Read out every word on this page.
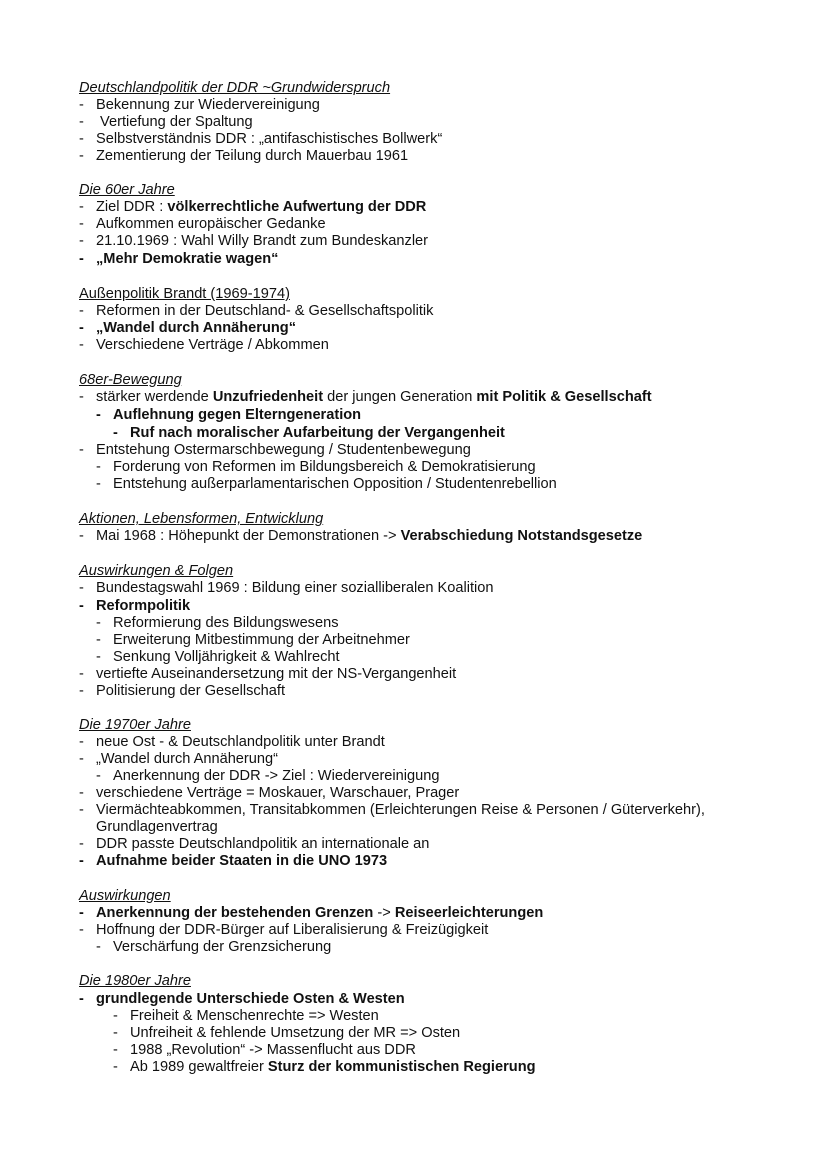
Deutschlandpolitik der DDR ~Grundwiderspruch
- Bekennung zur Wiedervereinigung
- Vertiefung der Spaltung
- Selbstverständnis DDR : „antifaschistisches Bollwerk“
- Zementierung der Teilung durch Mauerbau 1961
Die 60er Jahre
- Ziel DDR : völkerrechtliche Aufwertung der DDR
- Aufkommen europäischer Gedanke
- 21.10.1969 : Wahl Willy Brandt zum Bundeskanzler
- „Mehr Demokratie wagen“
Außenpolitik Brandt (1969-1974)
- Reformen in der Deutschland- & Gesellschaftspolitik
- „Wandel durch Annäherung“
- Verschiedene Verträge / Abkommen
68er-Bewegung
- stärker werdende Unzufriedenheit der jungen Generation mit Politik & Gesellschaft
- Auflehnung gegen Elterngeneration
- Ruf nach moralischer Aufarbeitung der Vergangenheit
- Entstehung Ostermarschbewegung / Studentenbewegung
- Forderung von Reformen im Bildungsbereich & Demokratisierung
- Entstehung außerparlamentarischen Opposition / Studentenrebellion
Aktionen, Lebensformen, Entwicklung
- Mai 1968 : Höhepunkt der Demonstrationen -> Verabschiedung Notstandsgesetze
Auswirkungen & Folgen
- Bundestagswahl 1969 : Bildung einer sozialliberalen Koalition
- Reformpolitik
- Reformierung des Bildungswesens
- Erweiterung Mitbestimmung der Arbeitnehmer
- Senkung Volljährigkeit & Wahlrecht
- vertiefte Auseinandersetzung mit der NS-Vergangenheit
- Politisierung der Gesellschaft
Die 1970er Jahre
- neue Ost - & Deutschlandpolitik unter Brandt
- „Wandel durch Annäherung“
- Anerkennung der DDR -> Ziel : Wiedervereinigung
- verschiedene Verträge = Moskauer, Warschauer, Prager
- Viermächteabkommen, Transitabkommen (Erleichterungen Reise & Personen / Güterverkehr),
Grundlagenvertrag
- DDR passte Deutschlandpolitik an internationale an
- Aufnahme beider Staaten in die UNO 1973
Auswirkungen
- Anerkennung der bestehenden Grenzen -> Reiseerleichterungen
- Hoffnung der DDR-Bürger auf Liberalisierung & Freizügigkeit
- Verschärfung der Grenzsicherung
Die 1980er Jahre
- grundlegende Unterschiede Osten & Westen
- Freiheit & Menschenrechte => Westen
- Unfreiheit & fehlende Umsetzung der MR => Osten
- 1988 „Revolution“ -> Massenflucht aus DDR
- Ab 1989 gewaltfreier Sturz der kommunistischen Regierung
